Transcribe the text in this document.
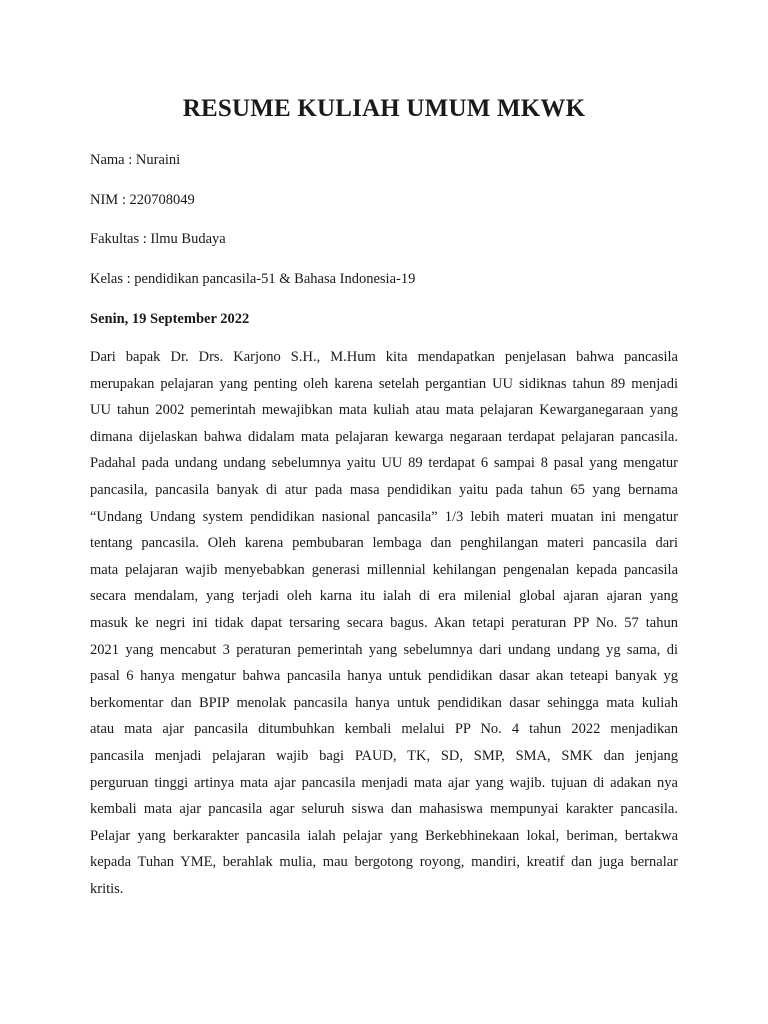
RESUME KULIAH UMUM MKWK
Nama : Nuraini
NIM : 220708049
Fakultas : Ilmu Budaya
Kelas : pendidikan pancasila-51 & Bahasa Indonesia-19
Senin, 19 September 2022
Dari bapak Dr. Drs. Karjono S.H., M.Hum kita mendapatkan penjelasan bahwa pancasila
merupakan pelajaran yang penting oleh karena setelah pergantian UU sidiknas tahun 89 menjadi
UU tahun 2002 pemerintah mewajibkan mata kuliah atau mata pelajaran Kewarganegaraan yang
dimana dijelaskan bahwa didalam mata pelajaran kewarga negaraan terdapat pelajaran pancasila.
Padahal pada undang undang sebelumnya yaitu UU 89 terdapat 6 sampai 8 pasal yang mengatur
pancasila, pancasila banyak di atur pada masa pendidikan yaitu pada tahun 65 yang bernama
“Undang Undang system pendidikan nasional pancasila” 1/3 lebih materi muatan ini mengatur
tentang pancasila. Oleh karena pembubaran lembaga dan penghilangan materi pancasila dari
mata pelajaran wajib menyebabkan generasi millennial kehilangan pengenalan kepada pancasila
secara mendalam, yang terjadi oleh karna itu ialah di era milenial global ajaran ajaran yang
masuk ke negri ini tidak dapat tersaring secara bagus. Akan tetapi peraturan PP No. 57 tahun
2021 yang mencabut 3 peraturan pemerintah yang sebelumnya dari undang undang yg sama, di
pasal 6 hanya mengatur bahwa pancasila hanya untuk pendidikan dasar akan teteapi banyak yg
berkomentar dan BPIP menolak pancasila hanya untuk pendidikan dasar sehingga mata kuliah
atau mata ajar pancasila ditumbuhkan kembali melalui PP No. 4 tahun 2022 menjadikan
pancasila menjadi pelajaran wajib bagi PAUD, TK, SD, SMP, SMA, SMK dan jenjang
perguruan tinggi artinya mata ajar pancasila menjadi mata ajar yang wajib. tujuan di adakan nya
kembali mata ajar pancasila agar seluruh siswa dan mahasiswa mempunyai karakter pancasila.
Pelajar yang berkarakter pancasila ialah pelajar yang Berkebhinekaan lokal, beriman, bertakwa
kepada Tuhan YME, berahlak mulia, mau bergotong royong, mandiri, kreatif dan juga bernalar
kritis.
